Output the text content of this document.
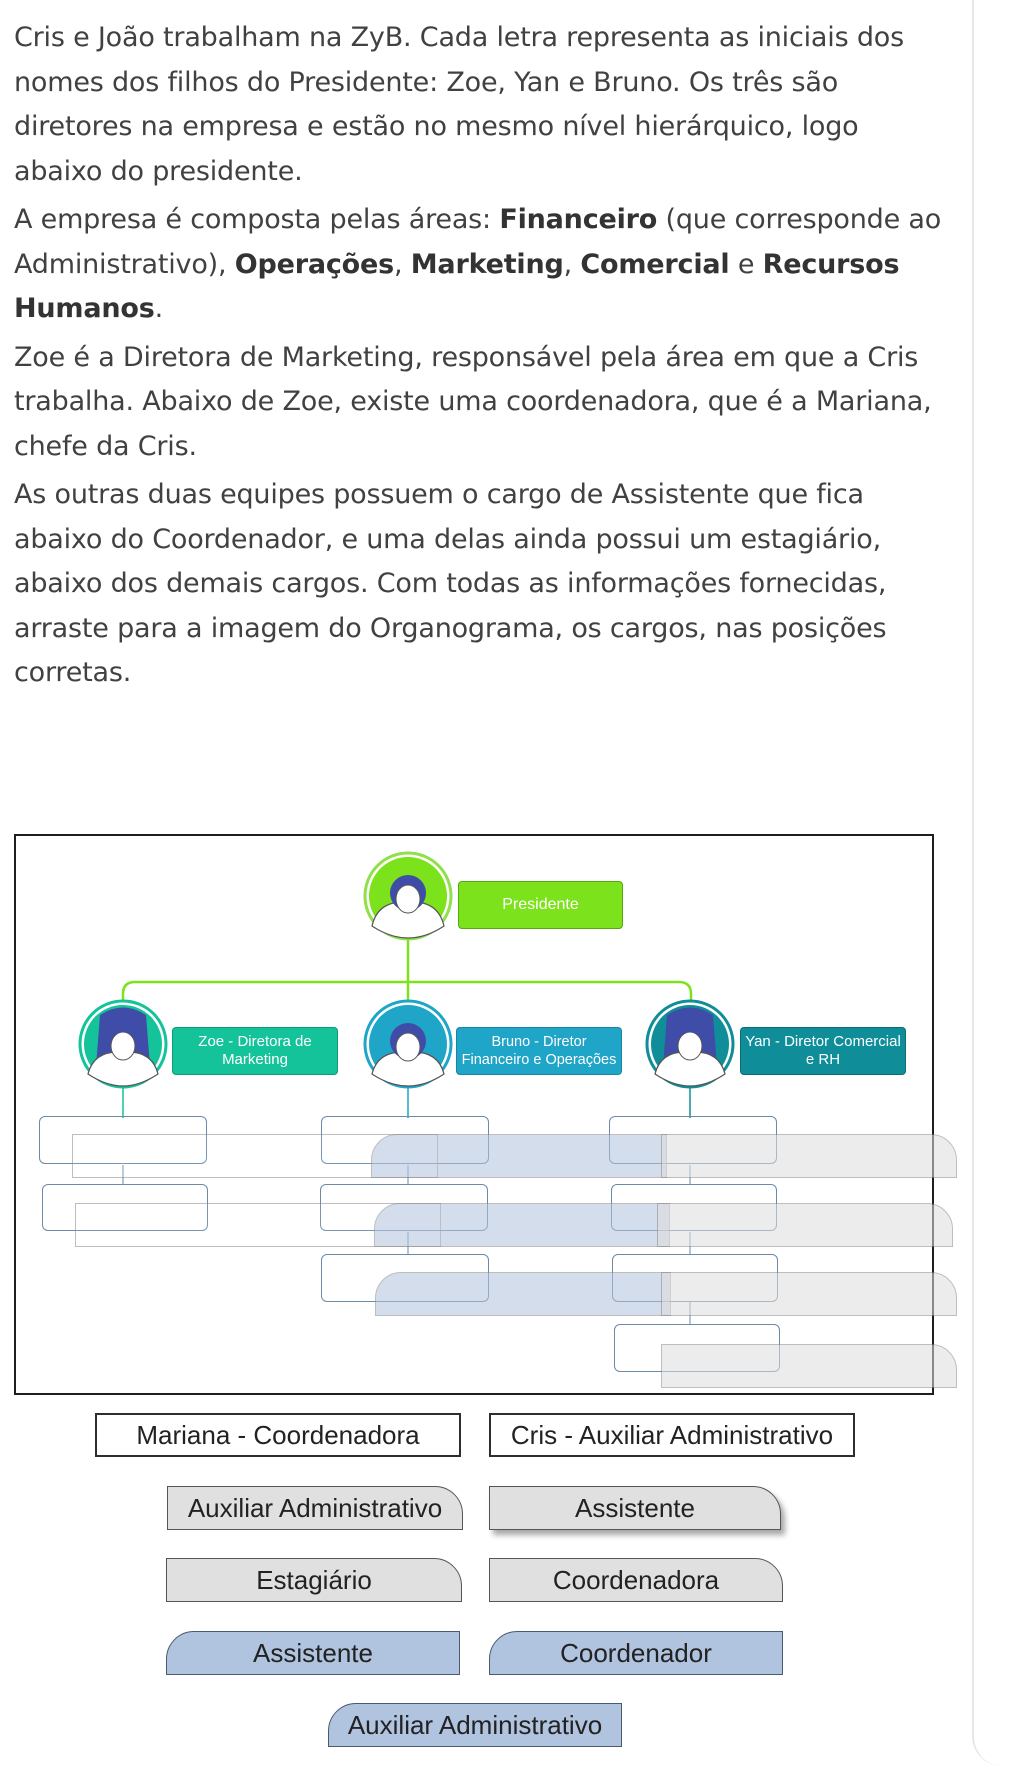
Cris e João trabalham na ZyB. Cada letra representa as iniciais dos nomes dos filhos do Presidente: Zoe, Yan e Bruno. Os três são diretores na empresa e estão no mesmo nível hierárquico, logo abaixo do presidente.

A empresa é composta pelas áreas: Financeiro (que corresponde ao Administrativo), Operações, Marketing, Comercial e Recursos Humanos.

Zoe é a Diretora de Marketing, responsável pela área em que a Cris trabalha. Abaixo de Zoe, existe uma coordenadora, que é a Mariana, chefe da Cris.

As outras duas equipes possuem o cargo de Assistente que fica abaixo do Coordenador, e uma delas ainda possui um estagiário, abaixo dos demais cargos. Com todas as informações fornecidas, arraste para a imagem do Organograma, os cargos, nas posições corretas.

Presidente
Zoe - Diretora de Marketing
Bruno - Diretor Financeiro e Operações
Yan - Diretor Comercial e RH
Mariana - Coordenadora	Cris - Auxiliar Administrativo
Auxiliar Administrativo	Assistente
Estagiário	Coordenadora
Assistente	Coordenador
Auxiliar Administrativo
